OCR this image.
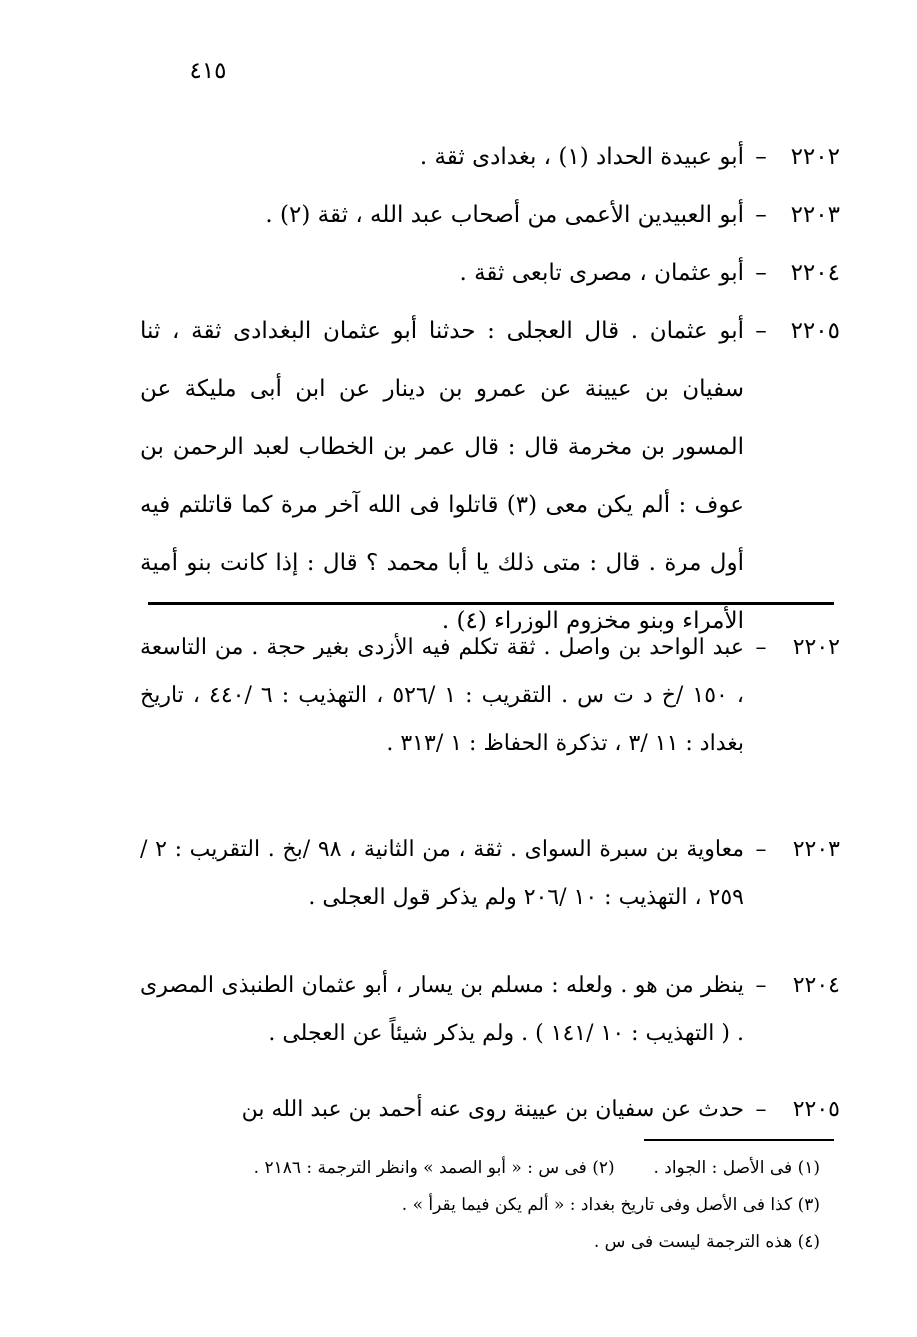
٤١٥
٢٢٠٢
–
أبو عبيدة الحداد (١) ، بغدادى ثقة .
٢٢٠٣
–
أبو العبيدين الأعمى من أصحاب عبد الله ، ثقة (٢) .
٢٢٠٤
–
أبو عثمان ، مصرى تابعى ثقة .
٢٢٠٥
–
أبو عثمان . قال العجلى : حدثنا أبو عثمان البغدادى ثقة ، ثنا سفيان بن عيينة عن عمرو بن دينار عن ابن أبى مليكة عن المسور بن مخرمة قال : قال عمر بن الخطاب لعبد الرحمن بن عوف : ألم يكن معى (٣) قاتلوا فى الله آخر مرة كما قاتلتم فيه أول مرة . قال : متى ذلك يا أبا محمد ؟ قال : إذا كانت بنو أمية الأمراء وبنو مخزوم الوزراء (٤) .
٢٢٠٢
–
عبد الواحد بن واصل . ثقة تكلم فيه الأزدى بغير حجة . من التاسعة ، ١٥٠ /خ د ت س . التقريب : ١ /٥٢٦ ، التهذيب : ٦ /٤٤٠ ، تاريخ بغداد : ١١ /٣ ، تذكرة الحفاظ : ١ /٣١٣ .
٢٢٠٣
–
معاوية بن سبرة السواى . ثقة ، من الثانية ، ٩٨ /بخ . التقريب : ٢ /٢٥٩ ، التهذيب : ١٠ /٢٠٦ ولم يذكر قول العجلى .
٢٢٠٤
–
ينظر من هو . ولعله : مسلم بن يسار ، أبو عثمان الطنبذى المصرى . ( التهذيب : ١٠ /١٤١ ) . ولم يذكر شيئاً عن العجلى .
٢٢٠٥
–
حدث عن سفيان بن عيينة روى عنه أحمد بن عبد الله بن
(١) فى الأصل : الجواد .  (٢) فى س : « أبو الصمد » وانظر الترجمة : ٢١٨٦ .
(٣) كذا فى الأصل وفى تاريخ بغداد : « ألم يكن فيما يقرأ » .
(٤) هذه الترجمة ليست فى س .
